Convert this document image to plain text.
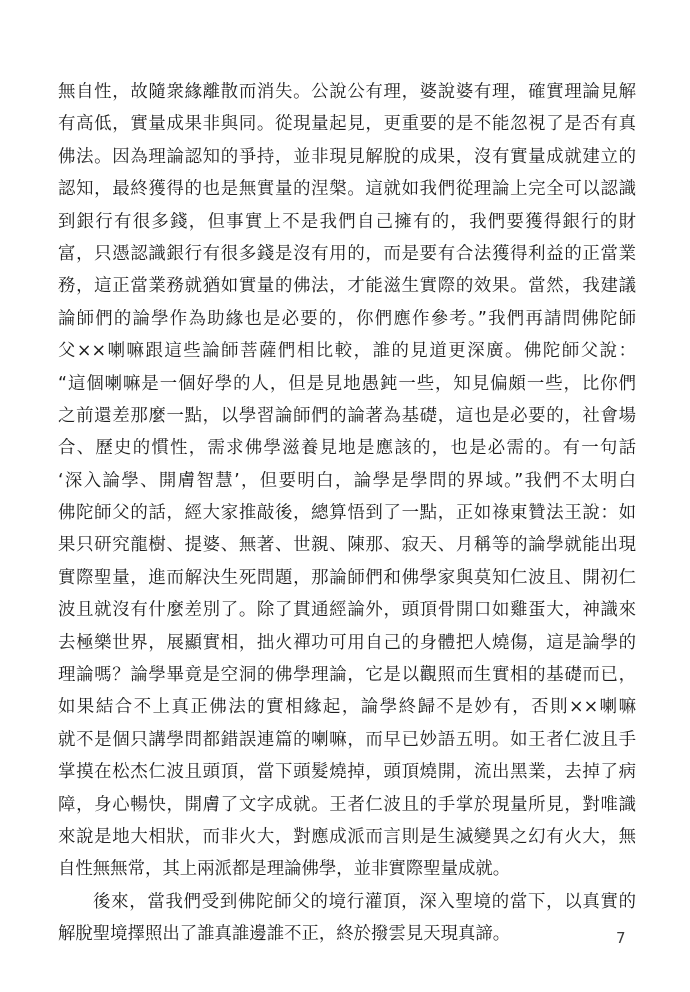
無自性，故隨衆緣離散而消失。公說公有理，婆說婆有理，確實理論見解
有高低，實量成果非與同。從現量起見，更重要的是不能忽視了是否有真
佛法。因為理論認知的爭持，並非現見解脫的成果，沒有實量成就建立的
認知，最終獲得的也是無實量的涅槃。這就如我們從理論上完全可以認識
到銀行有很多錢，但事實上不是我們自己擁有的，我們要獲得銀行的財
富，只憑認識銀行有很多錢是沒有用的，而是要有合法獲得利益的正當業
務，這正當業務就猶如實量的佛法，才能滋生實際的效果。當然，我建議
論師們的論學作為助緣也是必要的，你們應作參考。”我們再請問佛陀師
父××喇嘛跟這些論師菩薩們相比較，誰的見道更深廣。佛陀師父說：
“這個喇嘛是一個好學的人，但是見地愚鈍一些，知見偏頗一些，比你們
之前還差那麼一點，以學習論師們的論著為基礎，這也是必要的，社會場
合、歷史的慣性，需求佛學滋養見地是應該的，也是必需的。有一句話
‘深入論學、開膚智慧’，但要明白，論學是學問的界域。”我們不太明白
佛陀師父的話，經大家推敲後，總算悟到了一點，正如祿東贊法王說：如
果只研究龍樹、提婆、無著、世親、陳那、寂天、月稱等的論學就能出現
實際聖量，進而解決生死問題，那論師們和佛學家與莫知仁波且、開初仁
波且就沒有什麼差別了。除了貫通經論外，頭頂骨開口如雞蛋大，神識來
去極樂世界，展顯實相，拙火禪功可用自己的身體把人燒傷，這是論學的
理論嗎？論學畢竟是空洞的佛學理論，它是以觀照而生實相的基礎而已，
如果結合不上真正佛法的實相緣起，論學終歸不是妙有，否則××喇嘛
就不是個只講學問都錯誤連篇的喇嘛，而早已妙語五明。如王者仁波且手
掌摸在松杰仁波且頭頂，當下頭髮燒掉，頭頂燒開，流出黑業，去掉了病
障，身心暢快，開膚了文字成就。王者仁波且的手掌於現量所見，對唯識
來說是地大相狀，而非火大，對應成派而言則是生滅變異之幻有火大，無
自性無無常，其上兩派都是理論佛學，並非實際聖量成就。
後來，當我們受到佛陀師父的境行灌頂，深入聖境的當下，以真實的
解脫聖境擇照出了誰真誰邊誰不正，終於撥雲見天現真諦。	7
